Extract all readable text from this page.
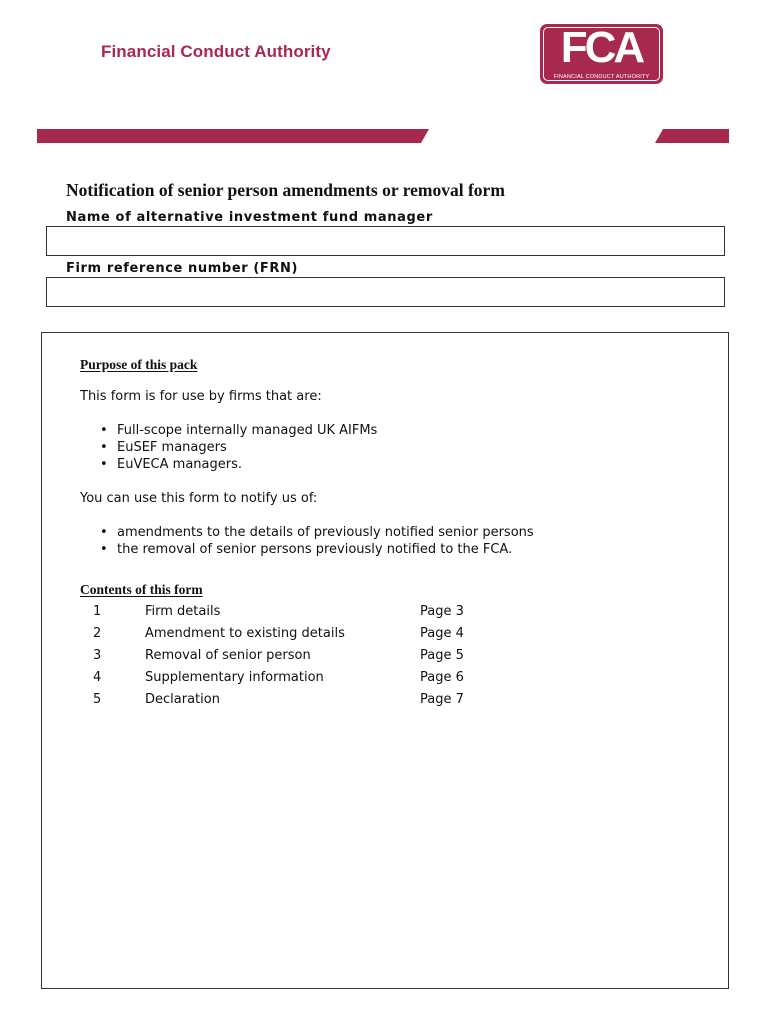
Financial Conduct Authority	FCA
FINANCIAL CONDUCT AUTHORITY
Notification of senior person amendments or removal form
Name of alternative investment fund manager
Firm reference number (FRN)
Purpose of this pack
This form is for use by firms that are:
• Full-scope internally managed UK AIFMs
• EuSEF managers
• EuVECA managers.
You can use this form to notify us of:
• amendments to the details of previously notified senior persons
• the removal of senior persons previously notified to the FCA.
Contents of this form
1	Firm details	Page 3
2	Amendment to existing details	Page 4
3	Removal of senior person	Page 5
4	Supplementary information	Page 6
5	Declaration	Page 7
